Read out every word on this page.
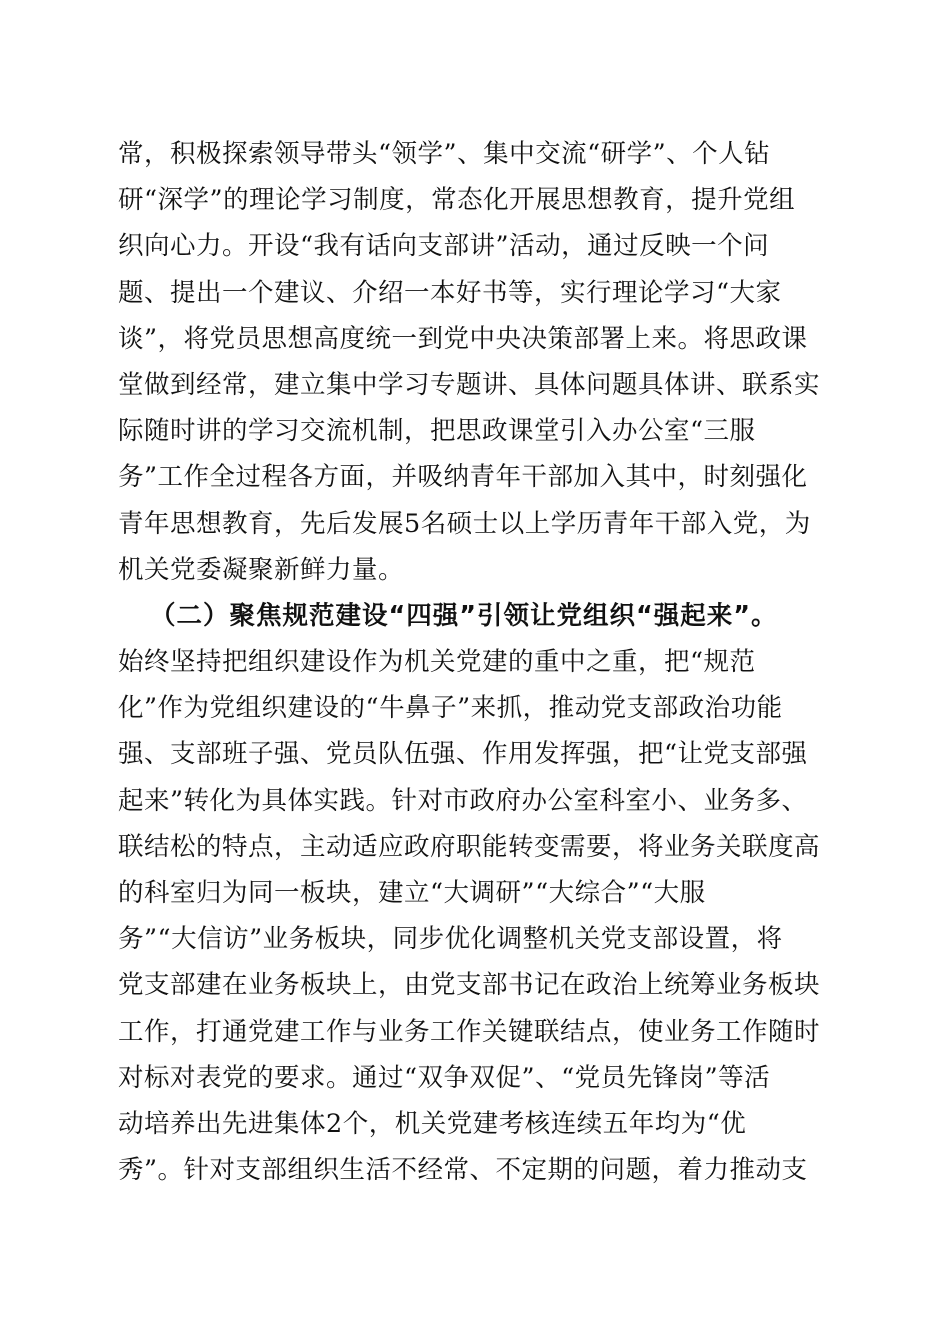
常，积极探索领导带头“领学”、集中交流“研学”、个人钻
研“深学”的理论学习制度，常态化开展思想教育，提升党组
织向心力。开设“我有话向支部讲”活动，通过反映一个问
题、提出一个建议、介绍一本好书等，实行理论学习“大家
谈”，将党员思想高度统一到党中央决策部署上来。将思政课
堂做到经常，建立集中学习专题讲、具体问题具体讲、联系实
际随时讲的学习交流机制，把思政课堂引入办公室“三服
务”工作全过程各方面，并吸纳青年干部加入其中，时刻强化
青年思想教育，先后发展5名硕士以上学历青年干部入党，为
机关党委凝聚新鲜力量。
（二）聚焦规范建设“四强”引领让党组织“强起来”。
始终坚持把组织建设作为机关党建的重中之重，把“规范
化”作为党组织建设的“牛鼻子”来抓，推动党支部政治功能
强、支部班子强、党员队伍强、作用发挥强，把“让党支部强
起来”转化为具体实践。针对市政府办公室科室小、业务多、
联结松的特点，主动适应政府职能转变需要，将业务关联度高
的科室归为同一板块，建立“大调研”“大综合”“大服
务”“大信访”业务板块，同步优化调整机关党支部设置，将
党支部建在业务板块上，由党支部书记在政治上统筹业务板块
工作，打通党建工作与业务工作关键联结点，使业务工作随时
对标对表党的要求。通过“双争双促”、“党员先锋岗”等活
动培养出先进集体2个，机关党建考核连续五年均为“优
秀”。针对支部组织生活不经常、不定期的问题，着力推动支
